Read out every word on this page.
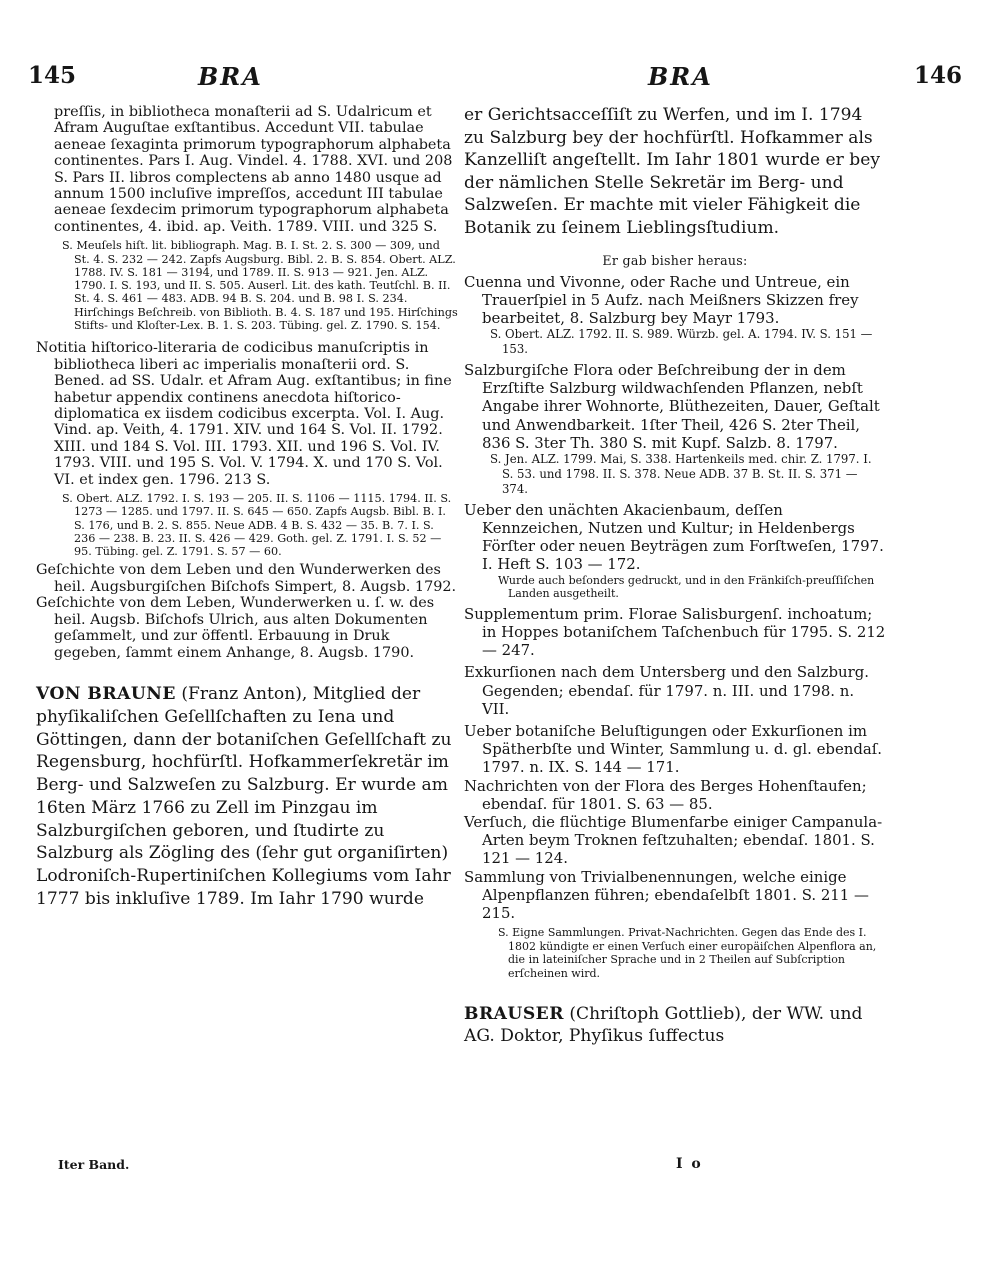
145	BRA	BRA	146
preſſis, in bibliotheca monaſterii ad S. Udalricum et Afram Auguſtae exſtantibus. Accedunt VII. tabulae aeneae ſexaginta primorum typographorum alphabeta continentes. Pars I. Aug. Vindel. 4. 1788. XVI. und 208 S. Pars II. libros complectens ab anno 1480 usque ad annum 1500 incluſive impreſſos, accedunt III tabulae aeneae ſexdecim primorum typographorum alphabeta continentes, 4. ibid. ap. Veith. 1789. VIII. und 325 S.
S. Meuſels hiſt. lit. bibliograph. Mag. B. I. St. 2. S. 300 — 309, und St. 4. S. 232 — 242. Zapfs Augsburg. Bibl. 2. B. S. 854. Obert. ALZ. 1788. IV. S. 181 — 3194, und 1789. II. S. 913 — 921. Jen. ALZ. 1790. I. S. 193, und II. S. 505. Auserl. Lit. des kath. Teutſchl. B. II. St. 4. S. 461 — 483. ADB. 94 B. S. 204. und B. 98 I. S. 234. Hirſchings Beſchreib. von Biblioth. B. 4. S. 187 und 195. Hirſchings Stifts- und Kloſter-Lex. B. 1. S. 203. Tübing. gel. Z. 1790. S. 154.
Notitia hiſtorico-literaria de codicibus manuſcriptis in bibliotheca liberi ac imperialis monaſterii ord. S. Bened. ad SS. Udalr. et Afram Aug. exſtantibus; in fine habetur appendix continens anecdota hiſtorico-diplomatica ex iisdem codicibus excerpta. Vol. I. Aug. Vind. ap. Veith, 4. 1791. XIV. und 164 S. Vol. II. 1792. XIII. und 184 S. Vol. III. 1793. XII. und 196 S. Vol. IV. 1793. VIII. und 195 S. Vol. V. 1794. X. und 170 S. Vol. VI. et index gen. 1796. 213 S.
S. Obert. ALZ. 1792. I. S. 193 — 205. II. S. 1106 — 1115. 1794. II. S. 1273 — 1285. und 1797. II. S. 645 — 650. Zapfs Augsb. Bibl. B. I. S. 176, und B. 2. S. 855. Neue ADB. 4 B. S. 432 — 35. B. 7. I. S. 236 — 238. B. 23. II. S. 426 — 429. Goth. gel. Z. 1791. I. S. 52 — 95. Tübing. gel. Z. 1791. S. 57 — 60.
Geſchichte von dem Leben und den Wunderwerken des heil. Augsburgiſchen Biſchofs Simpert, 8. Augsb. 1792.
Geſchichte von dem Leben, Wunderwerken u. ſ. w. des heil. Augsb. Biſchofs Ulrich, aus alten Dokumenten geſammelt, und zur öffentl. Erbauung in Druk gegeben, ſammt einem Anhange, 8. Augsb. 1790.
VON BRAUNE (Franz Anton), Mitglied der phyſikaliſchen Geſellſchaften zu Iena und Göttingen, dann der botaniſchen Geſellſchaft zu Regensburg, hochfürſtl. Hofkammerſekretär im Berg- und Salzweſen zu Salzburg. Er wurde am 16ten März 1766 zu Zell im Pinzgau im Salzburgiſchen geboren, und ſtudirte zu Salzburg als Zögling des (ſehr gut organiſirten) Lodroniſch-Rupertiniſchen Kollegiums vom Iahr 1777 bis inkluſive 1789. Im Iahr 1790 wurde
Iter Band.
er Gerichtsacceſſiſt zu Werfen, und im I. 1794 zu Salzburg bey der hochfürſtl. Hofkammer als Kanzelliſt angeſtellt. Im Iahr 1801 wurde er bey der nämlichen Stelle Sekretär im Berg- und Salzweſen. Er machte mit vieler Fähigkeit die Botanik zu ſeinem Lieblingsſtudium.
Er gab bisher heraus:
Cuenna und Vivonne, oder Rache und Untreue, ein Trauerſpiel in 5 Aufz. nach Meißners Skizzen frey bearbeitet, 8. Salzburg bey Mayr 1793.
S. Obert. ALZ. 1792. II. S. 989. Würzb. gel. A. 1794. IV. S. 151 — 153.
Salzburgiſche Flora oder Beſchreibung der in dem Erzſtifte Salzburg wildwachſenden Pflanzen, nebſt Angabe ihrer Wohnorte, Blüthezeiten, Dauer, Geſtalt und Anwendbarkeit. 1ſter Theil, 426 S. 2ter Theil, 836 S. 3ter Th. 380 S. mit Kupf. Salzb. 8. 1797.
S. Jen. ALZ. 1799. Mai, S. 338. Hartenkeils med. chir. Z. 1797. I. S. 53. und 1798. II. S. 378. Neue ADB. 37 B. St. II. S. 371 — 374.
Ueber den unächten Akacienbaum, deſſen Kennzeichen, Nutzen und Kultur; in Heldenbergs Förſter oder neuen Beyträgen zum Forſtweſen, 1797. I. Heft S. 103 — 172.
Wurde auch beſonders gedruckt, und in den Fränkiſch-preuſſiſchen Landen ausgetheilt.
Supplementum prim. Florae Salisburgenſ. inchoatum; in Hoppes botaniſchem Taſchenbuch für 1795. S. 212 — 247.
Exkurſionen nach dem Untersberg und den Salzburg. Gegenden; ebendaſ. für 1797. n. III. und 1798. n. VII.
Ueber botaniſche Beluſtigungen oder Exkurſionen im Spätherbſte und Winter, Sammlung u. d. gl. ebendaſ. 1797. n. IX. S. 144 — 171.
Nachrichten von der Flora des Berges Hohenſtaufen; ebendaſ. für 1801. S. 63 — 85.
Verſuch, die flüchtige Blumenfarbe einiger Campanula-Arten beym Troknen feſtzuhalten; ebendaſ. 1801. S. 121 — 124.
Sammlung von Trivialbenennungen, welche einige Alpenpflanzen führen; ebendaſelbſt 1801. S. 211 — 215.
S. Eigne Sammlungen. Privat-Nachrichten. Gegen das Ende des I. 1802 kündigte er einen Verſuch einer europäiſchen Alpenflora an, die in lateiniſcher Sprache und in 2 Theilen auf Subſcription erſcheinen wird.
BRAUSER (Chriſtoph Gottlieb), der WW. und AG. Doktor, Phyſikus ſuffectus
I o
